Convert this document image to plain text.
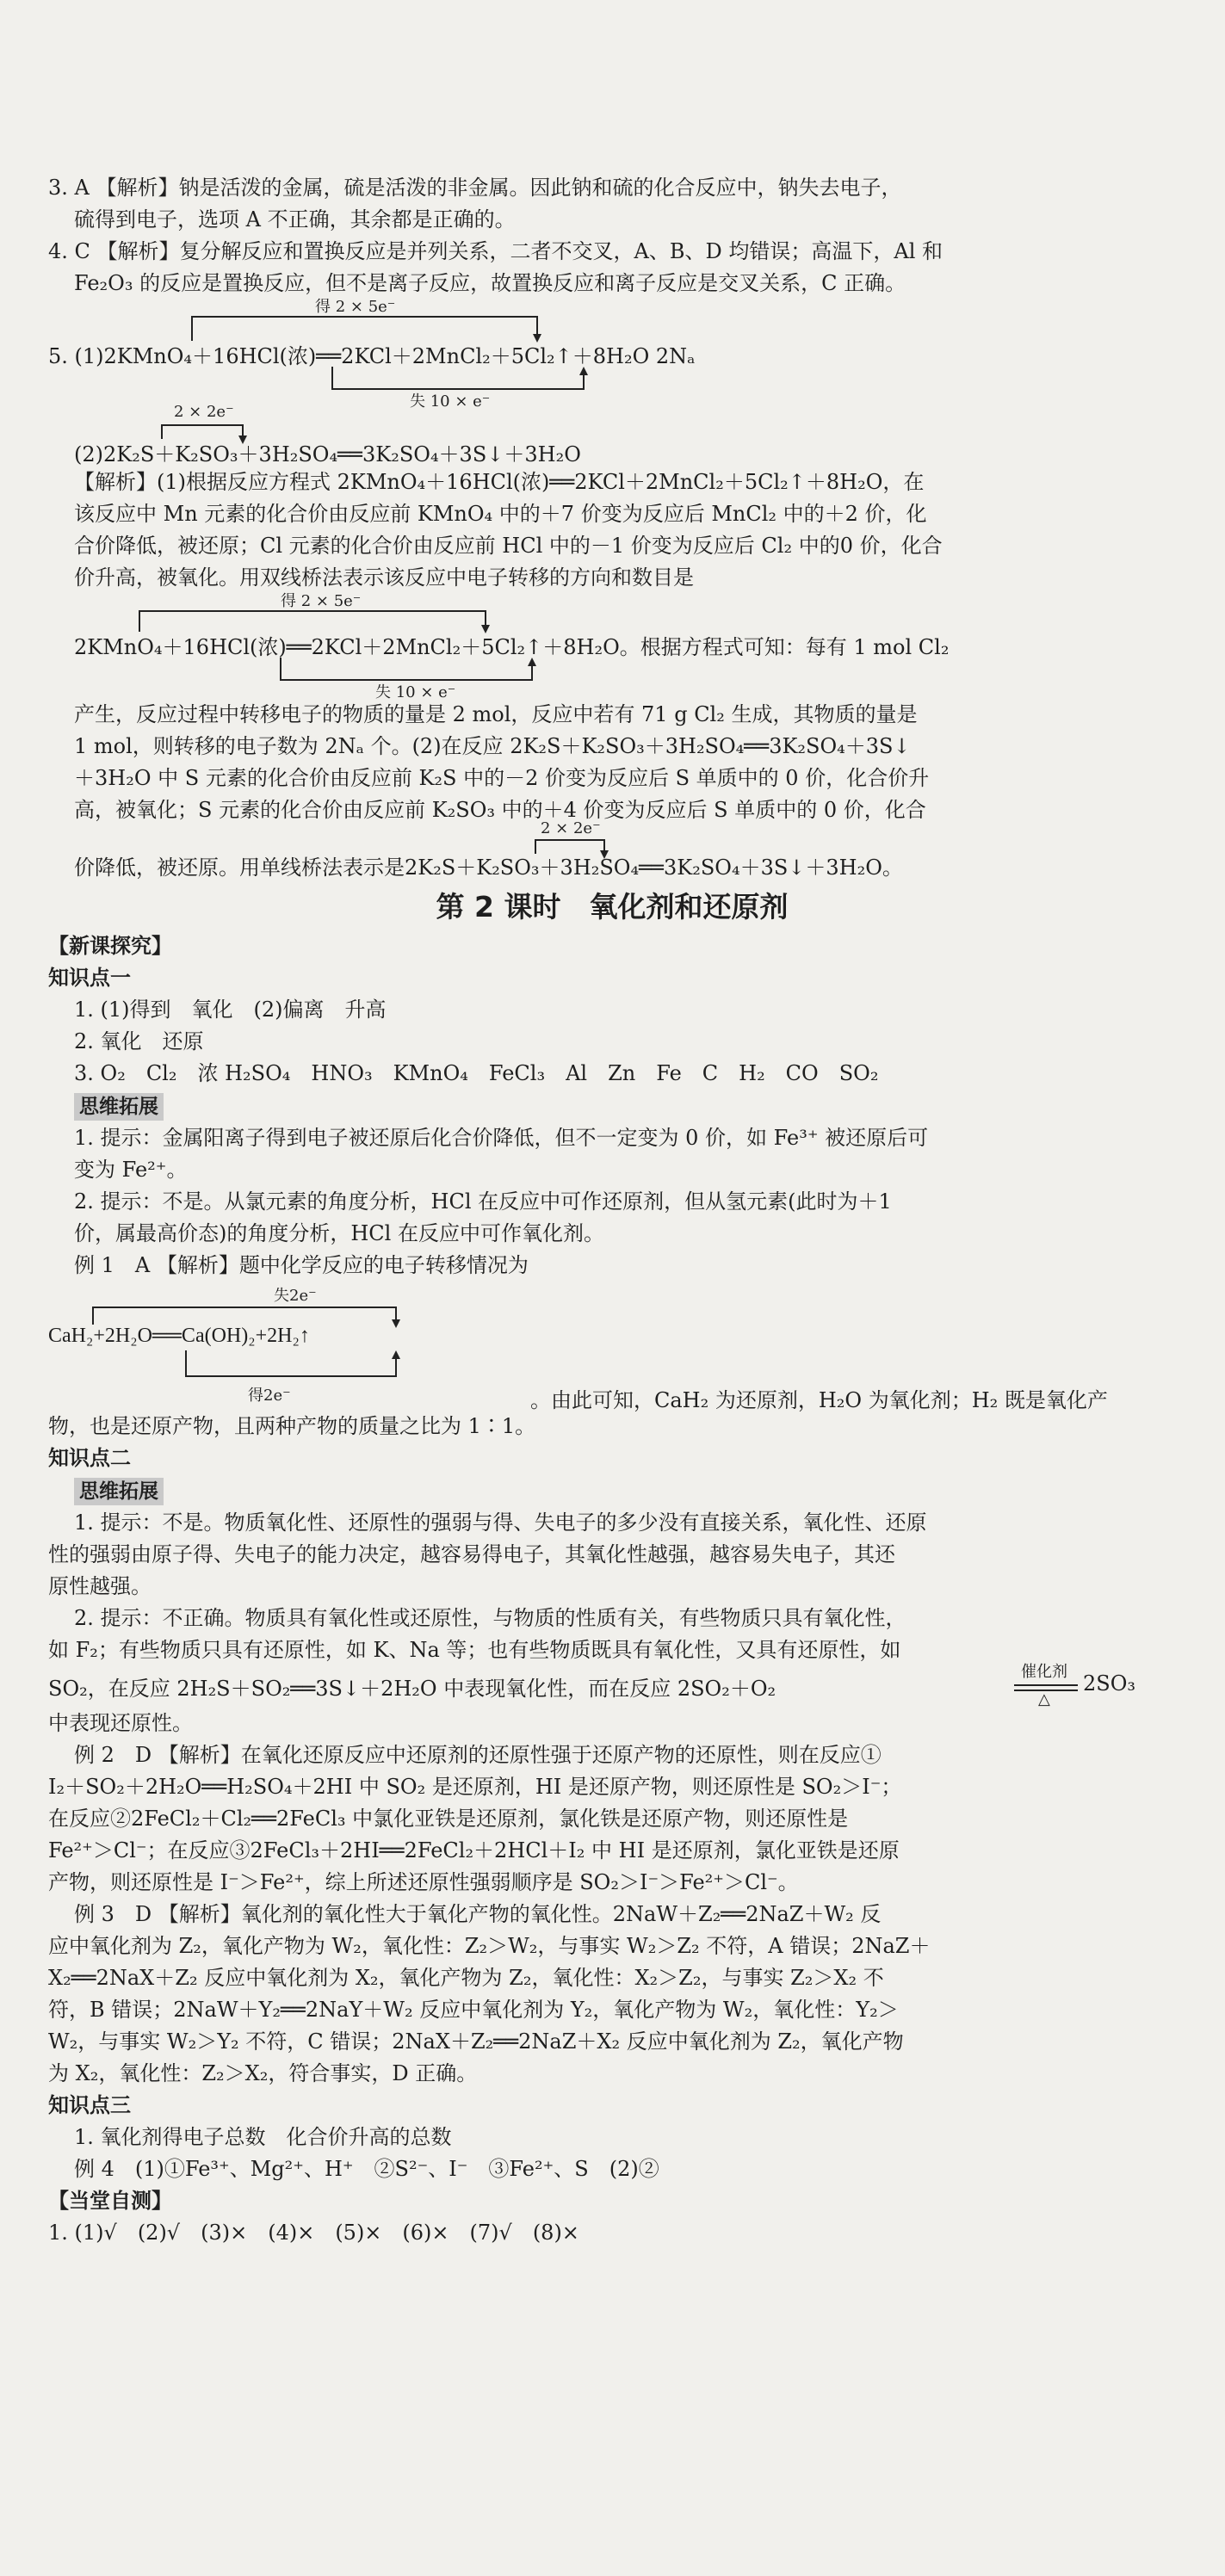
3. A 【解析】钠是活泼的金属，硫是活泼的非金属。因此钠和硫的化合反应中，钠失去电子，

硫得到电子，选项 A 不正确，其余都是正确的。

4. C 【解析】复分解反应和置换反应是并列关系，二者不交叉，A、B、D 均错误；高温下，Al 和

Fe₂O₃ 的反应是置换反应，但不是离子反应，故置换反应和离子反应是交叉关系，C 正确。

得 2 × 5e⁻
5. (1)2KMnO₄＋16HCl(浓)══2KCl＋2MnCl₂＋5Cl₂↑＋8H₂O 2Nₐ
失 10 × e⁻
2 × 2e⁻
(2)2K₂S＋K₂SO₃＋3H₂SO₄══3K₂SO₄＋3S↓＋3H₂O

【解析】(1)根据反应方程式 2KMnO₄＋16HCl(浓)══2KCl＋2MnCl₂＋5Cl₂↑＋8H₂O，在

该反应中 Mn 元素的化合价由反应前 KMnO₄ 中的＋7 价变为反应后 MnCl₂ 中的＋2 价，化

合价降低，被还原；Cl 元素的化合价由反应前 HCl 中的－1 价变为反应后 Cl₂ 中的0 价，化合

价升高，被氧化。用双线桥法表示该反应中电子转移的方向和数目是

得 2 × 5e⁻
2KMnO₄＋16HCl(浓)══2KCl＋2MnCl₂＋5Cl₂↑＋8H₂O。根据方程式可知：每有 1 mol Cl₂
失 10 × e⁻

产生，反应过程中转移电子的物质的量是 2 mol，反应中若有 71 g Cl₂ 生成，其物质的量是

1 mol，则转移的电子数为 2Nₐ 个。(2)在反应 2K₂S＋K₂SO₃＋3H₂SO₄══3K₂SO₄＋3S↓

＋3H₂O 中 S 元素的化合价由反应前 K₂S 中的－2 价变为反应后 S 单质中的 0 价，化合价升

高，被氧化；S 元素的化合价由反应前 K₂SO₃ 中的＋4 价变为反应后 S 单质中的 0 价，化合

2 × 2e⁻
价降低，被还原。用单线桥法表示是2K₂S＋K₂SO₃＋3H₂SO₄══3K₂SO₄＋3S↓＋3H₂O。
第 2 课时　氧化剂和还原剂

【新课探究】

知识点一

1. (1)得到　氧化　(2)偏离　升高

2. 氧化　还原

3. O₂　Cl₂　浓 H₂SO₄　HNO₃　KMnO₄　FeCl₃　Al　Zn　Fe　C　H₂　CO　SO₂

思维拓展

1. 提示：金属阳离子得到电子被还原后化合价降低，但不一定变为 0 价，如 Fe³⁺ 被还原后可

变为 Fe²⁺。

2. 提示：不是。从氯元素的角度分析，HCl 在反应中可作还原剂，但从氢元素(此时为＋1

价，属最高价态)的角度分析，HCl 在反应中可作氧化剂。

例 1　A 【解析】题中化学反应的电子转移情况为

失2e⁻
CaH₂+2H₂O══Ca(OH)₂+2H₂↑
得2e⁻	。由此可知，CaH₂ 为还原剂，H₂O 为氧化剂；H₂ 既是氧化产

物，也是还原产物，且两种产物的质量之比为 1∶1。

知识点二

思维拓展

1. 提示：不是。物质氧化性、还原性的强弱与得、失电子的多少没有直接关系，氧化性、还原

性的强弱由原子得、失电子的能力决定，越容易得电子，其氧化性越强，越容易失电子，其还

原性越强。

2. 提示：不正确。物质具有氧化性或还原性，与物质的性质有关，有些物质只具有氧化性，

如 F₂；有些物质只具有还原性，如 K、Na 等；也有些物质既具有氧化性，又具有还原性，如

SO₂，在反应 2H₂S＋SO₂══3S↓＋2H₂O 中表现氧化性，而在反应 2SO₂＋O₂
催化剂
△
2SO₃

中表现还原性。

例 2　D 【解析】在氧化还原反应中还原剂的还原性强于还原产物的还原性，则在反应①

I₂＋SO₂＋2H₂O══H₂SO₄＋2HI 中 SO₂ 是还原剂，HI 是还原产物，则还原性是 SO₂＞I⁻；

在反应②2FeCl₂＋Cl₂══2FeCl₃ 中氯化亚铁是还原剂，氯化铁是还原产物，则还原性是

Fe²⁺＞Cl⁻；在反应③2FeCl₃＋2HI══2FeCl₂＋2HCl＋I₂ 中 HI 是还原剂，氯化亚铁是还原

产物，则还原性是 I⁻＞Fe²⁺，综上所述还原性强弱顺序是 SO₂＞I⁻＞Fe²⁺＞Cl⁻。

例 3　D 【解析】氧化剂的氧化性大于氧化产物的氧化性。2NaW＋Z₂══2NaZ＋W₂ 反

应中氧化剂为 Z₂，氧化产物为 W₂，氧化性：Z₂＞W₂，与事实 W₂＞Z₂ 不符，A 错误；2NaZ＋

X₂══2NaX＋Z₂ 反应中氧化剂为 X₂，氧化产物为 Z₂，氧化性：X₂＞Z₂，与事实 Z₂＞X₂ 不

符，B 错误；2NaW＋Y₂══2NaY＋W₂ 反应中氧化剂为 Y₂，氧化产物为 W₂，氧化性：Y₂＞

W₂，与事实 W₂＞Y₂ 不符，C 错误；2NaX＋Z₂══2NaZ＋X₂ 反应中氧化剂为 Z₂，氧化产物

为 X₂，氧化性：Z₂＞X₂，符合事实，D 正确。

知识点三

1. 氧化剂得电子总数　化合价升高的总数

例 4　(1)①Fe³⁺、Mg²⁺、H⁺　②S²⁻、I⁻　③Fe²⁺、S　(2)②

【当堂自测】

1. (1)√　(2)√　(3)×　(4)×　(5)×　(6)×　(7)√　(8)×
